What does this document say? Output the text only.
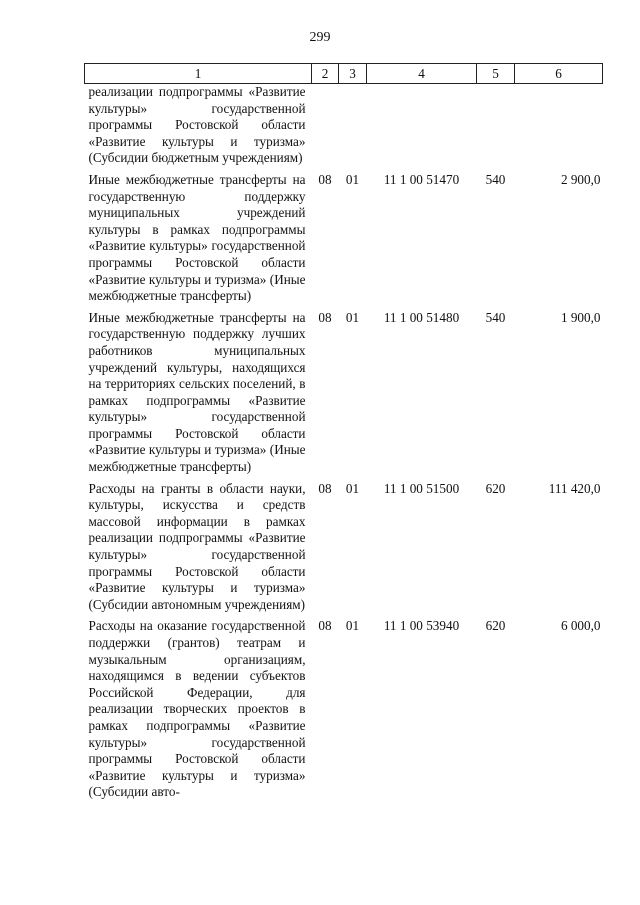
299
1	2	3	4	5	6
реализации подпрограммы «Развитие культуры» государственной программы Ростовской области «Развитие культуры и туризма» (Субсидии бюджетным учреждениям)					
Иные межбюджетные трансферты на государственную поддержку муниципальных учреждений культуры в рамках подпрограммы «Развитие культуры» государственной программы Ростовской области «Развитие культуры и туризма» (Иные межбюджетные трансферты)	08	01	11 1 00 51470	540	2 900,0
Иные межбюджетные трансферты на государственную поддержку лучших работников муниципальных учреждений культуры, находящихся на территориях сельских поселений, в рамках подпрограммы «Развитие культуры» государственной программы Ростовской области «Развитие культуры и туризма» (Иные межбюджетные трансферты)	08	01	11 1 00 51480	540	1 900,0
Расходы на гранты в области науки, культуры, искусства и средств массовой информации в рамках реализации подпрограммы «Развитие культуры» государственной программы Ростовской области «Развитие культуры и туризма» (Субсидии автономным учреждениям)	08	01	11 1 00 51500	620	111 420,0
Расходы на оказание государственной поддержки (грантов) театрам и музыкальным организациям, находящимся в ведении субъектов Российской Федерации, для реализации творческих проектов в рамках подпрограммы «Развитие культуры» государственной программы Ростовской области «Развитие культуры и туризма» (Субсидии авто-	08	01	11 1 00 53940	620	6 000,0
